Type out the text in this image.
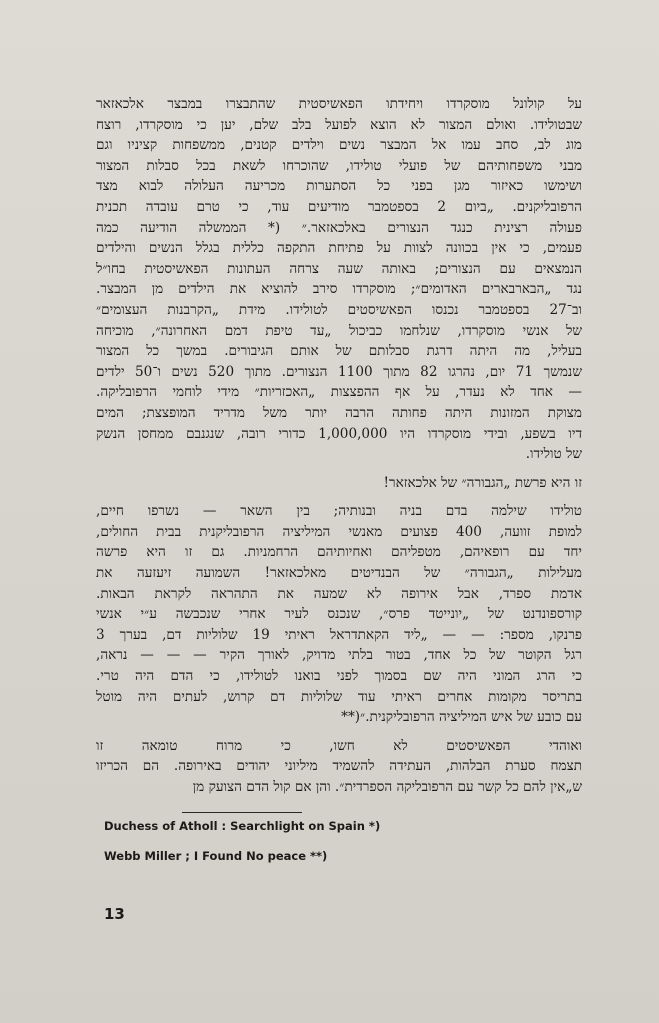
על קולונל מוסקרדו ויחידתו הפאשיסטית שהתבצרו במבצר אלכאזאר
שבטולידו. ואולם המצור לא הוצא לפועל בלב שלם, יען כי מוסקרדו, רוצח
מוג לב, סחב עמו אל המבצר נשים וילדים קטנים, ממשפחות קציניו וגם
מבני משפחותיהם של פועלי טולידו, שהוכרחו לשאת בכל סבלות המצור
ושימשו כאיזור מגן בפני כל הסתערות מכריעה העלולה לבוא מצד
הרפובליקנים. „ביום 2 בספטמבר מודיעים עוד, כי טרם עובדה תכנית
פעולה רצינית כנגד הנצורים באלכאזאר.״ (* הממשלה הודיעה כמה
פעמים, כי אין בכוונה לצוות על פתיחת התקפה כללית בגלל הנשים והילדים
הנמצאים עם הנצורים; באותה שעה צרחה העתונות הפאשיסטית בחו״ל
נגד „הבארבארים האדומים״; מוסקרדו סירב להוציא את הילדים מן המבצר.
וב־27 בספטמבר נכנסו הפאשיסטים לטולידו. מידת „הקרבנות העצומים״
של אנשי מוסקרדו, שנלחמו כביכול „עד טיפת דמם האחרונה״, מוכיחה
בעליל, מה היתה דרגת סבלותם של אותם הגיבורים. במשך כל המצור
שנמשך 71 יום, נהרגו 82 מתוך 1100 הנצורים. מתוך 520 נשים ו־50 ילדים
— אחד לא נעדר, על אף ההפצצות „האכזריות״ מידי לוחמי הרפובליקה.
מצוקת המזונות היתה פחותה הרבה יותר משל מדריד המופצצת; המים
דיו בשפע, ובידי מוסקרדו היו 1,000,000 כדורי רובה, שנגנבם ממחסן הנשק
של טולידו.
זו היא פרשת „הגבורה״ של אלכאזאר!
טולידו שילמה בדם בניה ובנותיה; בין השאר — נשרפו חיים,
למופת זוועה, 400 פצועים מאנשי המיליציה הרפובליקנית בבית החולים,
יחד עם רופאיהם, מטפליהם ואחיותיהם הרחמניות. גם זו היא פרשה
מעלילות „הגבורה״ של הבנדיטים מאלכאזאר! השמועה זיעזעה את
אדמת ספרד, אבל אירופה לא שמעה את התהראה לקראת הבאות.
קורספונדנט של „יונייטד פרס״, שנכנס לעיר אחרי שנכבשה ע״י אנשי
פרנקו, מספר: — — „ליד הקאתדראל ראיתי 19 שלוליות דם, בערך 3
רגל הקוטר של כל אחד, בטור בלתי מדויק, לאורך הקיר — — — נראה,
כי הרג המוני היה שם בסמוך לפני בואנו לטולידו, כי הדם היה טרי.
בתריסר מקומות אחרים ראיתי עוד שלוליות דם קרוש, לעתים היה מוטל
עם כובע של איש המיליציה הרפובליקנית.״(**
ואוהדי הפאשיסטים לא חשו, כי מרוח טומאה זו
תצמח סערת הבלהות, העתידה להשמיד מיליוני יהודים באירופה. הם הכריזו
ש„אין להם כל קשר עם הרפובליקה הספרדית״. והן אם קול הדם הצועק מן
Duchess of Atholl : Searchlight on Spain *)
Webb Miller ; I Found No peace **)
13
